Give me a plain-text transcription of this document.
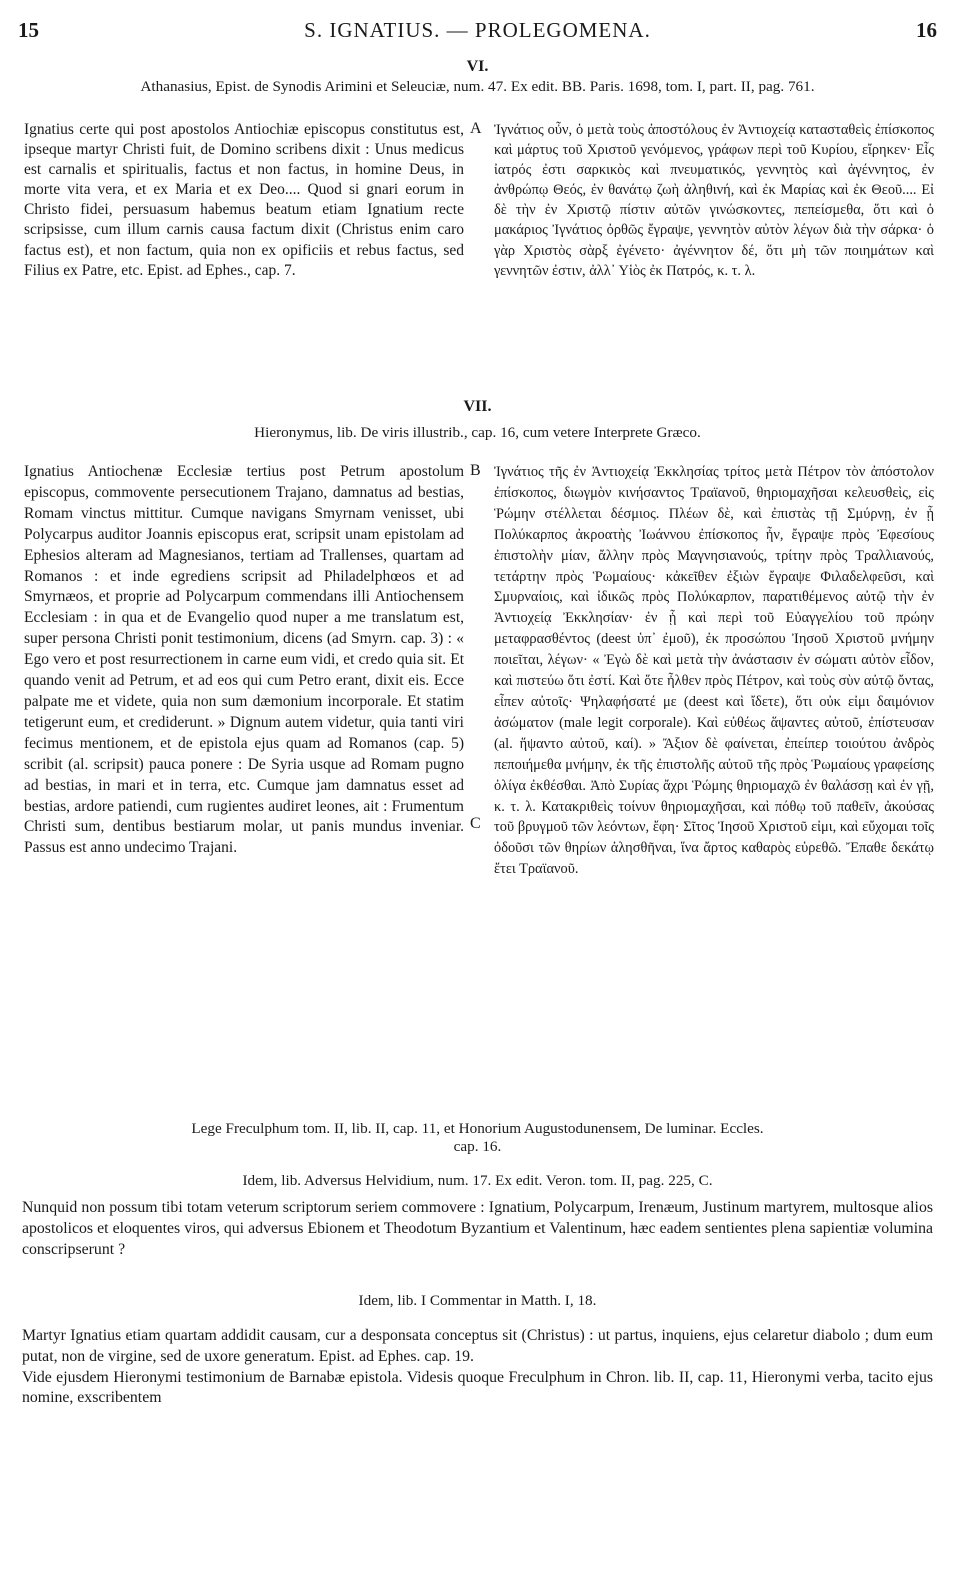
15	S. IGNATIUS. — PROLEGOMENA.	16
VI.
Athanasius, Epist. de Synodis Arimini et Seleuciæ, num. 47. Ex edit. BB. Paris. 1698, tom. I, part. II, pag. 761.

Ignatius certe qui post apostolos Antiochiæ episcopus constitutus est, ipseque martyr Christi fuit, de Domino scribens dixit : Unus medicus est carnalis et spiritualis, factus et non factus, in homine Deus, in morte vita vera, et ex Maria et ex Deo.... Quod si gnari eorum in Christo fidei, persuasum habemus beatum etiam Ignatium recte scripsisse, cum illum carnis causa factum dixit (Christus enim caro factus est), et non factum, quia non ex opificiis et rebus factus, sed Filius ex Patre, etc. Epist. ad Ephes., cap. 7.

A Ἰγνάτιος οὖν, ὁ μετὰ τοὺς ἀποστόλους ἐν Ἀντιοχείᾳ κατασταθεὶς ἐπίσκοπος καὶ μάρτυς τοῦ Χριστοῦ γενόμενος, γράφων περὶ τοῦ Κυρίου, εἴρηκεν· Εἷς ἰατρός ἐστι σαρκικὸς καὶ πνευματικός, γεννητὸς καὶ ἀγέννητος, ἐν ἀνθρώπῳ Θεός, ἐν θανάτῳ ζωὴ ἀληθινή, καὶ ἐκ Μαρίας καὶ ἐκ Θεοῦ.... Εἰ δὲ τὴν ἐν Χριστῷ πίστιν αὐτῶν γινώσκοντες, πεπείσμεθα, ὅτι καὶ ὁ μακάριος Ἰγνάτιος ὀρθῶς ἔγραψε, γεννητὸν αὐτὸν λέγων διὰ τὴν σάρκα· ὁ γὰρ Χριστὸς σὰρξ ἐγένετο· ἀγέννητον δέ, ὅτι μὴ τῶν ποιημάτων καὶ γεννητῶν ἐστιν, ἀλλ᾽ Υἱὸς ἐκ Πατρός, κ. τ. λ.

VII.
Hieronymus, lib. De viris illustrib., cap. 16, cum vetere Interprete Græco.

Ignatius Antiochenæ Ecclesiæ tertius post Petrum apostolum episcopus, commovente persecutionem Trajano, damnatus ad bestias, Romam vinctus mittitur. Cumque navigans Smyrnam venisset, ubi Polycarpus auditor Joannis episcopus erat, scripsit unam epistolam ad Ephesios alteram ad Magnesianos, tertiam ad Trallenses, quartam ad Romanos : et inde egrediens scripsit ad Philadelphœos et ad Smyrnæos, et proprie ad Polycarpum commendans illi Antiochensem Ecclesiam : in qua et de Evangelio quod nuper a me translatum est, super persona Christi ponit testimonium, dicens (ad Smyrn. cap. 3) : « Ego vero et post resurrectionem in carne eum vidi, et credo quia sit. Et quando venit ad Petrum, et ad eos qui cum Petro erant, dixit eis. Ecce palpate me et videte, quia non sum dæmonium incorporale. Et statim tetigerunt eum, et crediderunt. » Dignum autem videtur, quia tanti viri fecimus mentionem, et de epistola ejus quam ad Romanos (cap. 5) scribit (al. scripsit) pauca ponere : De Syria usque ad Romam pugno ad bestias, in mari et in terra, etc. Cumque jam damnatus esset ad bestias, ardore patiendi, cum rugientes audiret leones, ait : Frumentum Christi sum, dentibus bestiarum molar, ut panis mundus inveniar. Passus est anno undecimo Trajani.

B
C

Ἰγνάτιος τῆς ἐν Ἀντιοχείᾳ Ἐκκλησίας τρίτος μετὰ Πέτρον τὸν ἀπόστολον ἐπίσκοπος, διωγμὸν κινήσαντος Τραϊανοῦ, θηριομαχῆσαι κελευσθεὶς, εἰς Ῥώμην στέλλεται δέσμιος. Πλέων δὲ, καὶ ἐπιστὰς τῇ Σμύρνῃ, ἐν ᾗ Πολύκαρπος ἀκροατὴς Ἰωάννου ἐπίσκοπος ἦν, ἔγραψε πρὸς Ἐφεσίους ἐπιστολὴν μίαν, ἄλλην πρὸς Μαγνησιανούς, τρίτην πρὸς Τραλλιανούς, τετάρτην πρὸς Ῥωμαίους· κἀκεῖθεν ἐξιὼν ἔγραψε Φιλαδελφεῦσι, καὶ Σμυρναίοις, καὶ ἰδικῶς πρὸς Πολύκαρπον, παρατιθέμενος αὐτῷ τὴν ἐν Ἀντιοχείᾳ Ἐκκλησίαν· ἐν ᾗ καὶ περὶ τοῦ Εὐαγγελίου τοῦ πρώην μεταφρασθέντος (deest ὑπ᾽ ἐμοῦ), ἐκ προσώπου Ἰησοῦ Χριστοῦ μνήμην ποιεῖται, λέγων· « Ἐγὼ δὲ καὶ μετὰ τὴν ἀνάστασιν ἐν σώματι αὐτὸν εἶδον, καὶ πιστεύω ὅτι ἐστί. Καὶ ὅτε ἦλθεν πρὸς Πέτρον, καὶ τοὺς σὺν αὐτῷ ὄντας, εἶπεν αὐτοῖς· Ψηλαφήσατέ με (deest καὶ ἴδετε), ὅτι οὐκ εἰμι δαιμόνιον ἀσώματον (male legit corporale). Καὶ εὐθέως ἅψαντες αὐτοῦ, ἐπίστευσαν (al. ἥψαντο αὐτοῦ, καί). » Ἄξιον δὲ φαίνεται, ἐπείπερ τοιούτου ἀνδρὸς πεποιήμεθα μνήμην, ἐκ τῆς ἐπιστολῆς αὐτοῦ τῆς πρὸς Ῥωμαίους γραφείσης ὀλίγα ἐκθέσθαι. Ἀπὸ Συρίας ἄχρι Ῥώμης θηριομαχῶ ἐν θαλάσσῃ καὶ ἐν γῇ, κ. τ. λ. Κατακριθεὶς τοίνυν θηριομαχῆσαι, καὶ πόθῳ τοῦ παθεῖν, ἀκούσας τοῦ βρυγμοῦ τῶν λεόντων, ἔφη· Σῖτος Ἰησοῦ Χριστοῦ εἰμι, καὶ εὔχομαι τοῖς ὀδοῦσι τῶν θηρίων ἀλησθῆναι, ἵνα ἄρτος καθαρὸς εὑρεθῶ. Ἔπαθε δεκάτῳ ἔτει Τραϊανοῦ.

Lege Freculphum tom. II, lib. II, cap. 11, et Honorium Augustodunensem, De luminar. Eccles.
cap. 16.
Idem, lib. Adversus Helvidium, num. 17. Ex edit. Veron. tom. II, pag. 225, C.

Nunquid non possum tibi totam veterum scriptorum seriem commovere : Ignatium, Polycarpum, Irenæum, Justinum martyrem, multosque alios apostolicos et eloquentes viros, qui adversus Ebionem et Theodotum Byzantium et Valentinum, hæc eadem sentientes plena sapientiæ volumina conscripserunt ?

Idem, lib. I Commentar in Matth. I, 18.

Martyr Ignatius etiam quartam addidit causam, cur a desponsata conceptus sit (Christus) : ut partus, inquiens, ejus celaretur diabolo ; dum eum putat, non de virgine, sed de uxore generatum. Epist. ad Ephes. cap. 19.

Vide ejusdem Hieronymi testimonium de Barnabæ epistola. Videsis quoque Freculphum in Chron. lib. II, cap. 11, Hieronymi verba, tacito ejus nomine, exscribentem
